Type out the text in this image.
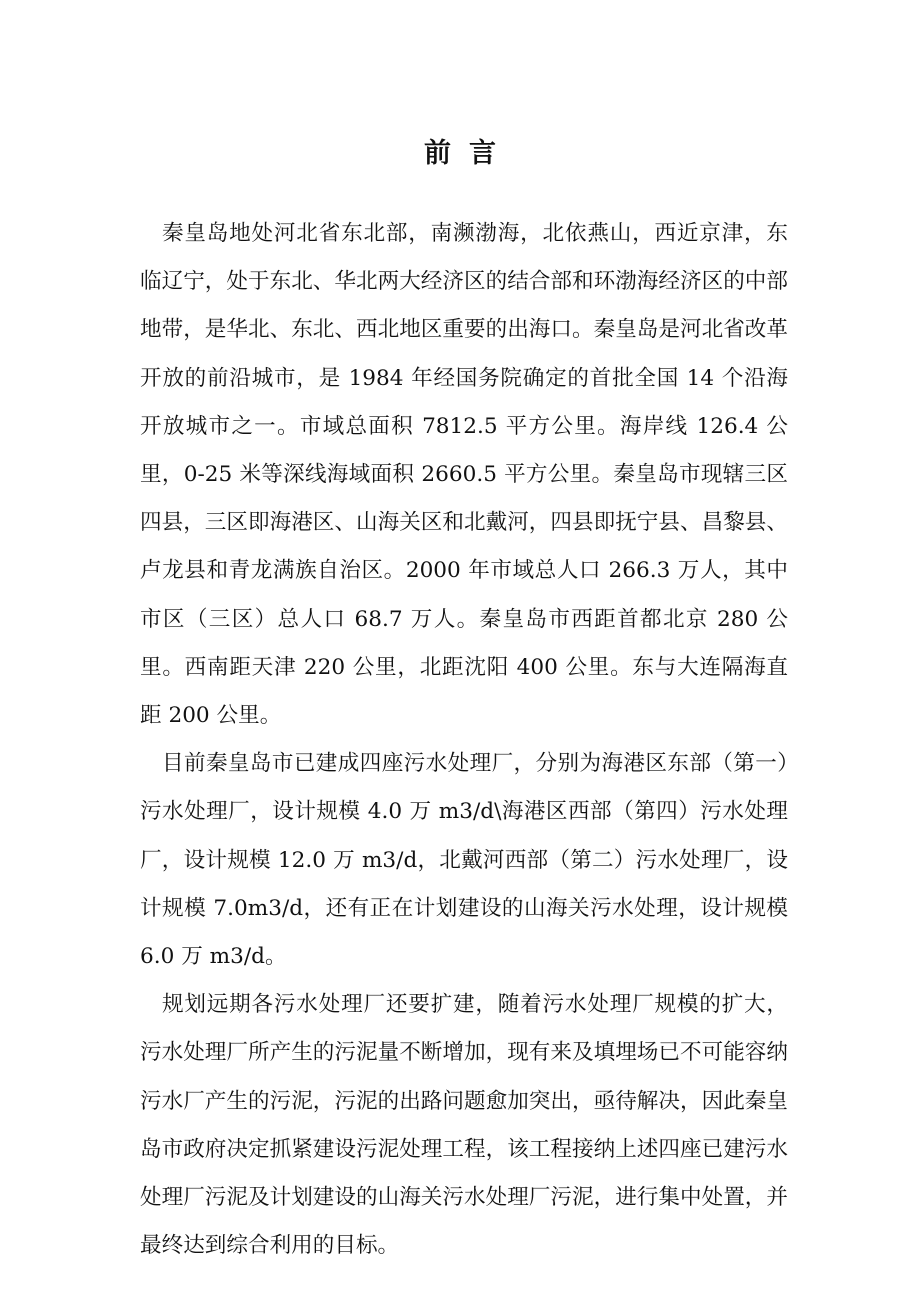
前言

秦皇岛地处河北省东北部，南濒渤海，北依燕山，西近京津，东临辽宁，处于东北、华北两大经济区的结合部和环渤海经济区的中部地带，是华北、东北、西北地区重要的出海口。秦皇岛是河北省改革开放的前沿城市，是 1984 年经国务院确定的首批全国 14 个沿海开放城市之一。市域总面积 7812.5 平方公里。海岸线 126.4 公里，0-25 米等深线海域面积 2660.5 平方公里。秦皇岛市现辖三区四县，三区即海港区、山海关区和北戴河，四县即抚宁县、昌黎县、卢龙县和青龙满族自治区。2000 年市域总人口 266.3 万人，其中市区（三区）总人口 68.7 万人。秦皇岛市西距首都北京 280 公里。西南距天津 220 公里，北距沈阳 400 公里。东与大连隔海直距 200 公里。

目前秦皇岛市已建成四座污水处理厂，分别为海港区东部（第一）污水处理厂，设计规模 4.0 万 m3/d\海港区西部（第四）污水处理厂，设计规模 12.0 万 m3/d，北戴河西部（第二）污水处理厂，设计规模 7.0m3/d，还有正在计划建设的山海关污水处理，设计规模 6.0 万 m3/d。

规划远期各污水处理厂还要扩建，随着污水处理厂规模的扩大，污水处理厂所产生的污泥量不断增加，现有来及填埋场已不可能容纳污水厂产生的污泥，污泥的出路问题愈加突出，亟待解决，因此秦皇岛市政府决定抓紧建设污泥处理工程，该工程接纳上述四座已建污水处理厂污泥及计划建设的山海关污水处理厂污泥，进行集中处置，并最终达到综合利用的目标。
